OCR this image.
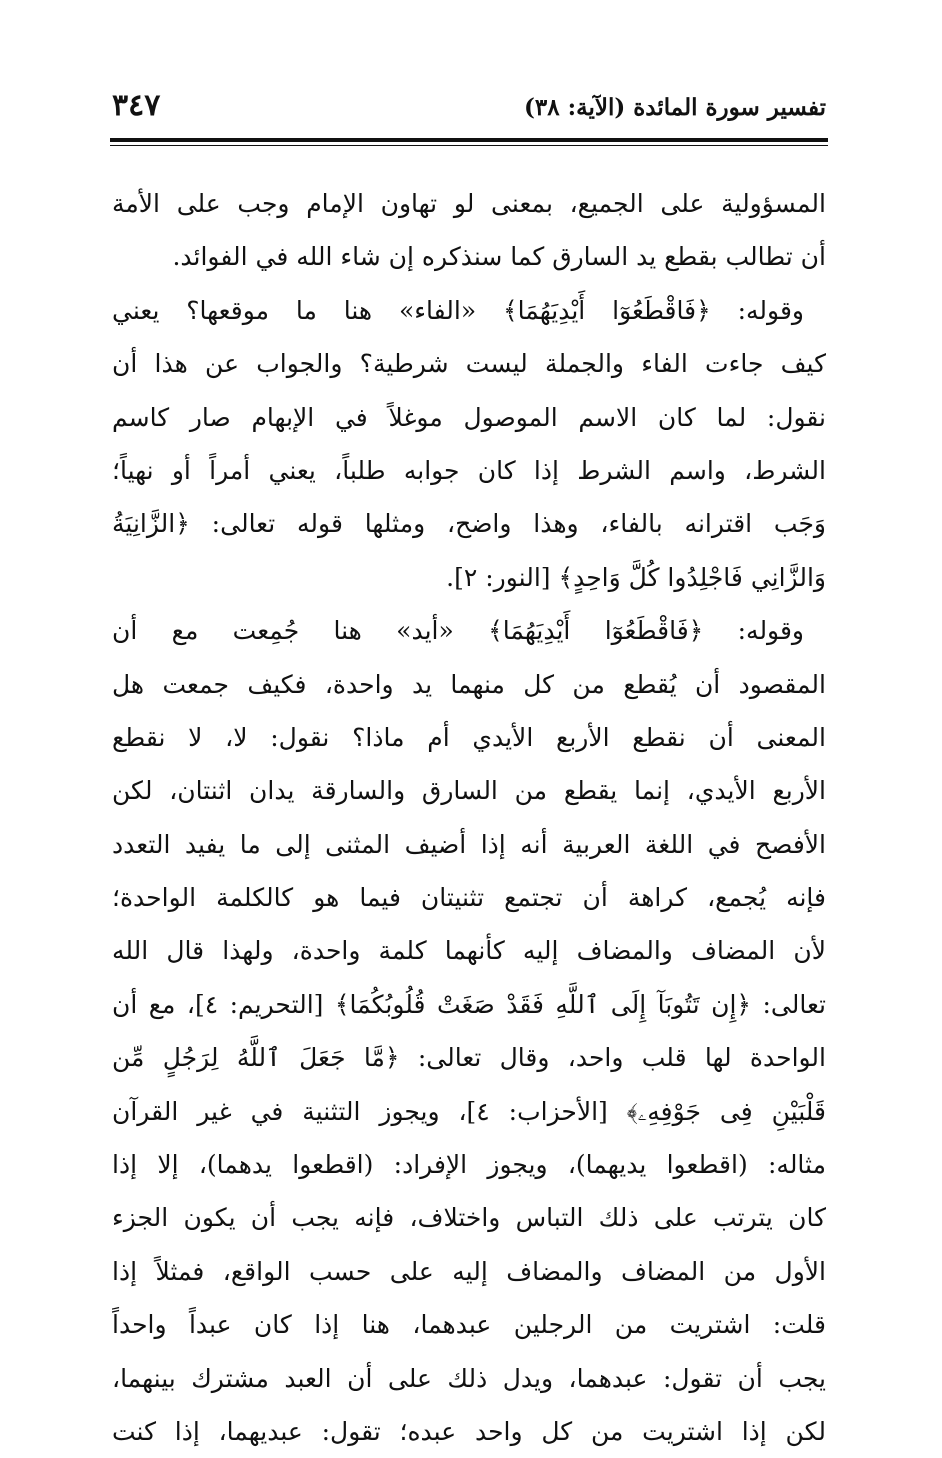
تفسير سورة المائدة (الآية: ٣٨)
٣٤٧
المسؤولية على الجميع، بمعنى لو تهاون الإمام وجب على الأمة
أن تطالب بقطع يد السارق كما سنذكره إن شاء الله في الفوائد.
وقوله: ﴿فَاقْطَعُوٓا أَيْدِيَهُمَا﴾ «الفاء» هنا ما موقعها؟ يعني
كيف جاءت الفاء والجملة ليست شرطية؟ والجواب عن هذا أن
نقول: لما كان الاسم الموصول موغلاً في الإبهام صار كاسم
الشرط، واسم الشرط إذا كان جوابه طلباً، يعني أمراً أو نهياً؛
وَجَب اقترانه بالفاء، وهذا واضح، ومثلها قوله تعالى: ﴿الزَّانِيَةُ
وَالزَّانِي فَاجْلِدُوا كُلَّ وَاحِدٍ﴾ [النور: ٢].
وقوله: ﴿فَاقْطَعُوٓا أَيْدِيَهُمَا﴾ «أيد» هنا جُمِعت مع أن
المقصود أن يُقطع من كل منهما يد واحدة، فكيف جمعت هل
المعنى أن نقطع الأربع الأيدي أم ماذا؟ نقول: لا، لا نقطع
الأربع الأيدي، إنما يقطع من السارق والسارقة يدان اثنتان، لكن
الأفصح في اللغة العربية أنه إذا أضيف المثنى إلى ما يفيد التعدد
فإنه يُجمع، كراهة أن تجتمع تثنيتان فيما هو كالكلمة الواحدة؛
لأن المضاف والمضاف إليه كأنهما كلمة واحدة، ولهذا قال الله
تعالى: ﴿إِن تَتُوبَآ إِلَى ٱللَّهِ فَقَدْ صَغَتْ قُلُوبُكُمَا﴾ [التحريم: ٤]، مع أن
الواحدة لها قلب واحد، وقال تعالى: ﴿مَّا جَعَلَ ٱللَّهُ لِرَجُلٍ مِّن
قَلْبَيْنِ فِى جَوْفِهِۦ﴾ [الأحزاب: ٤]، ويجوز التثنية في غير القرآن
مثاله: (اقطعوا يديهما)، ويجوز الإفراد: (اقطعوا يدهما)، إلا إذا
كان يترتب على ذلك التباس واختلاف، فإنه يجب أن يكون الجزء
الأول من المضاف والمضاف إليه على حسب الواقع، فمثلاً إذا
قلت: اشتريت من الرجلين عبدهما، هنا إذا كان عبداً واحداً
يجب أن تقول: عبدهما، ويدل ذلك على أن العبد مشترك بينهما،
لكن إذا اشتريت من كل واحد عبده؛ تقول: عبديهما، إذا كنت
